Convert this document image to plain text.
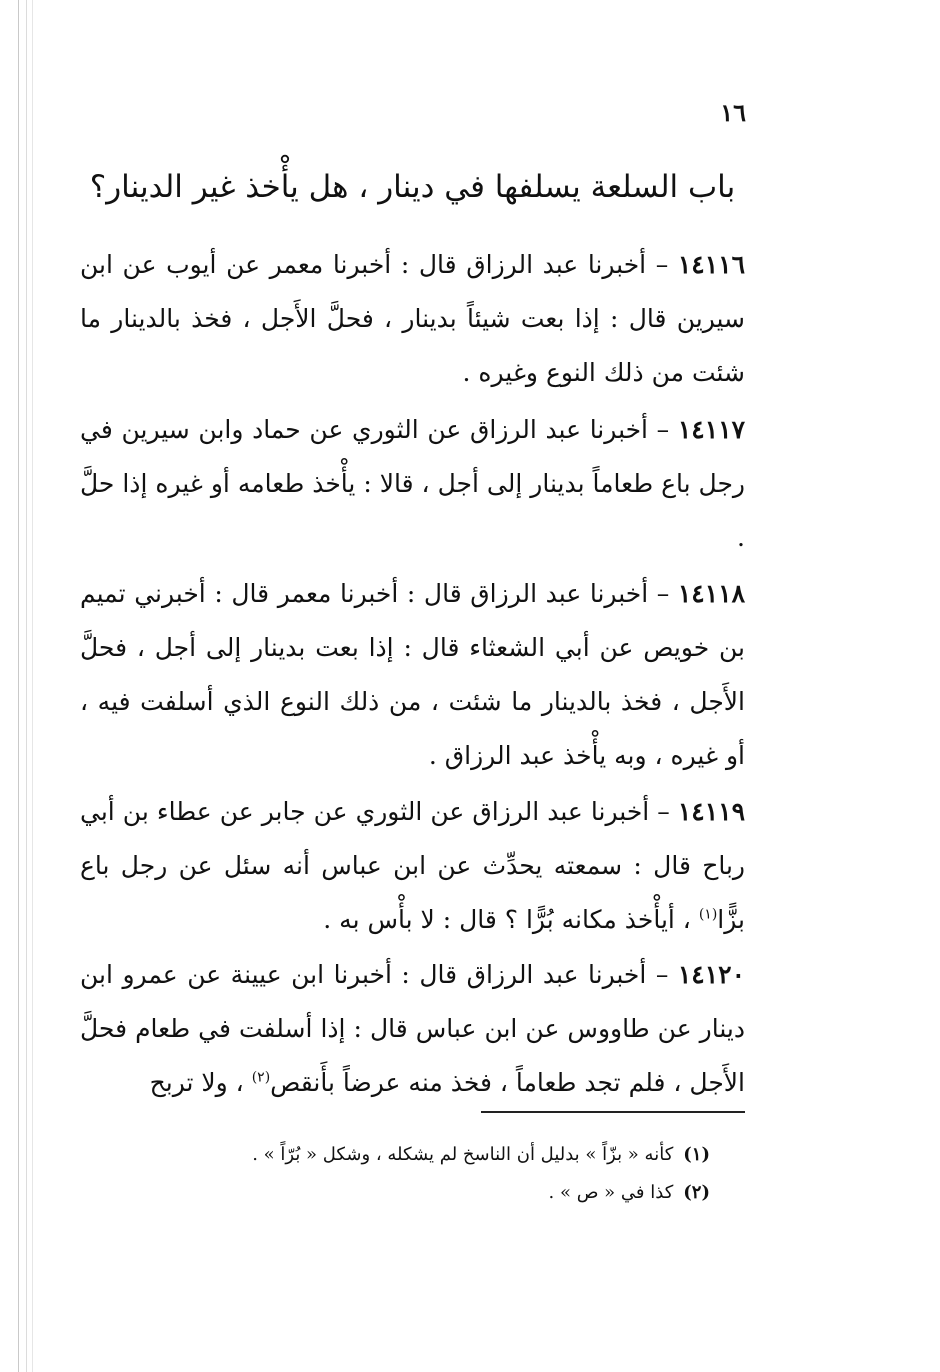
١٦
باب السلعة يسلفها في دينار ، هل يأْخذ غير الدينار؟
١٤١١٦ – أخبرنا عبد الرزاق قال : أخبرنا معمر عن أيوب عن ابن سيرين قال : إذا بعت شيئاً بدينار ، فحلَّ الأَجل ، فخذ بالدينار ما شئت من ذلك النوع وغيره .
١٤١١٧ – أخبرنا عبد الرزاق عن الثوري عن حماد وابن سيرين في رجل باع طعاماً بدينار إلى أجل ، قالا : يأْخذ طعامه أو غيره إذا حلَّ .
١٤١١٨ – أخبرنا عبد الرزاق قال : أخبرنا معمر قال : أخبرني تميم بن خويص عن أبي الشعثاء قال : إذا بعت بدينار إلى أجل ، فحلَّ الأَجل ، فخذ بالدينار ما شئت ، من ذلك النوع الذي أسلفت فيه ، أو غيره ، وبه يأْخذ عبد الرزاق .
١٤١١٩ – أخبرنا عبد الرزاق عن الثوري عن جابر عن عطاء بن أبي رباح قال : سمعته يحدِّث عن ابن عباس أنه سئل عن رجل باع بزًّا$^{(١)}$ ، أيأْخذ مكانه بُرًّا ؟ قال : لا بأْس به .
١٤١٢٠ – أخبرنا عبد الرزاق قال : أخبرنا ابن عيينة عن عمرو ابن دينار عن طاووس عن ابن عباس قال : إذا أسلفت في طعام فحلَّ الأَجل ، فلم تجد طعاماً ، فخذ منه عرضاً بأَنقص$^{(٢)}$ ، ولا تربح
(١)كأنه « بزّاً » بدليل أن الناسخ لم يشكله ، وشكل « بُرّاً » .
(٢)كذا في « ص » .
